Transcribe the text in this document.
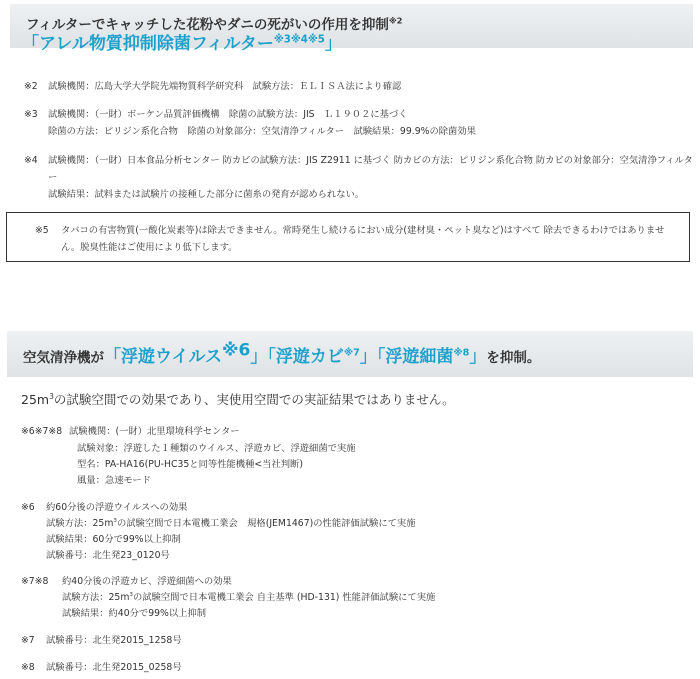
フィルターでキャッチした花粉やダニの死がいの作用を抑制$^{※2}$
「アレル物質抑制除菌フィルター$^{※3※4※5}$」
※2 試験機関：広島大学大学院先端物質科学研究科　試験方法：ＥＬＩＳＡ法により確認
※3 試験機関：（一財）ボーケン品質評価機構　除菌の試験方法：JIS　Ｌ１９０２に基づく
除菌の方法：ピリジン系化合物　除菌の対象部分：空気清浄フィルター　試験結果：99.9%の除菌効果
※4 試験機関：（一財）日本食品分析センター 防カビの試験方法：JIS Z2911 に基づく 防カビの方法：ピリジン系化合物 防カビの対象部分：空気清浄フィルター
試験結果：試料または試験片の接種した部分に菌糸の発育が認められない。
※5 タバコの有害物質(一酸化炭素等)は除去できません。常時発生し続けるにおい成分(建材臭・ペット臭など)はすべて 除去できるわけではありません。脱臭性能はご使用により低下します。
空気清浄機が「浮遊ウイルス$^{※6}$」「浮遊カビ$^{※7}$」「浮遊細菌$^{※8}$」を抑制。
$25m^3$の試験空間での効果であり、実使用空間での実証結果ではありません。
※6※7※8 試験機関：(一財）北里環境科学センター
試験対象：浮遊した１種類のウイルス、浮遊カビ、浮遊細菌で実施
型名：PA-HA16(PU-HC35と同等性能機種<当社判断)
風量：急速モード
※6 約60分後の浮遊ウイルスへの効果
試験方法：$25m^3$の試験空間で日本電機工業会　規格(JEM1467)の性能評価試験にて実施
試験結果：60分で99%以上抑制
試験番号：北生発23_0120号
※7※8 約40分後の浮遊カビ、浮遊細菌への効果
試験方法：$25m^3$の試験空間で日本電機工業会 自主基準 (HD-131) 性能評価試験にて実施
試験結果：約40分で99%以上抑制
※7 試験番号：北生発2015_1258号
※8 試験番号：北生発2015_0258号
